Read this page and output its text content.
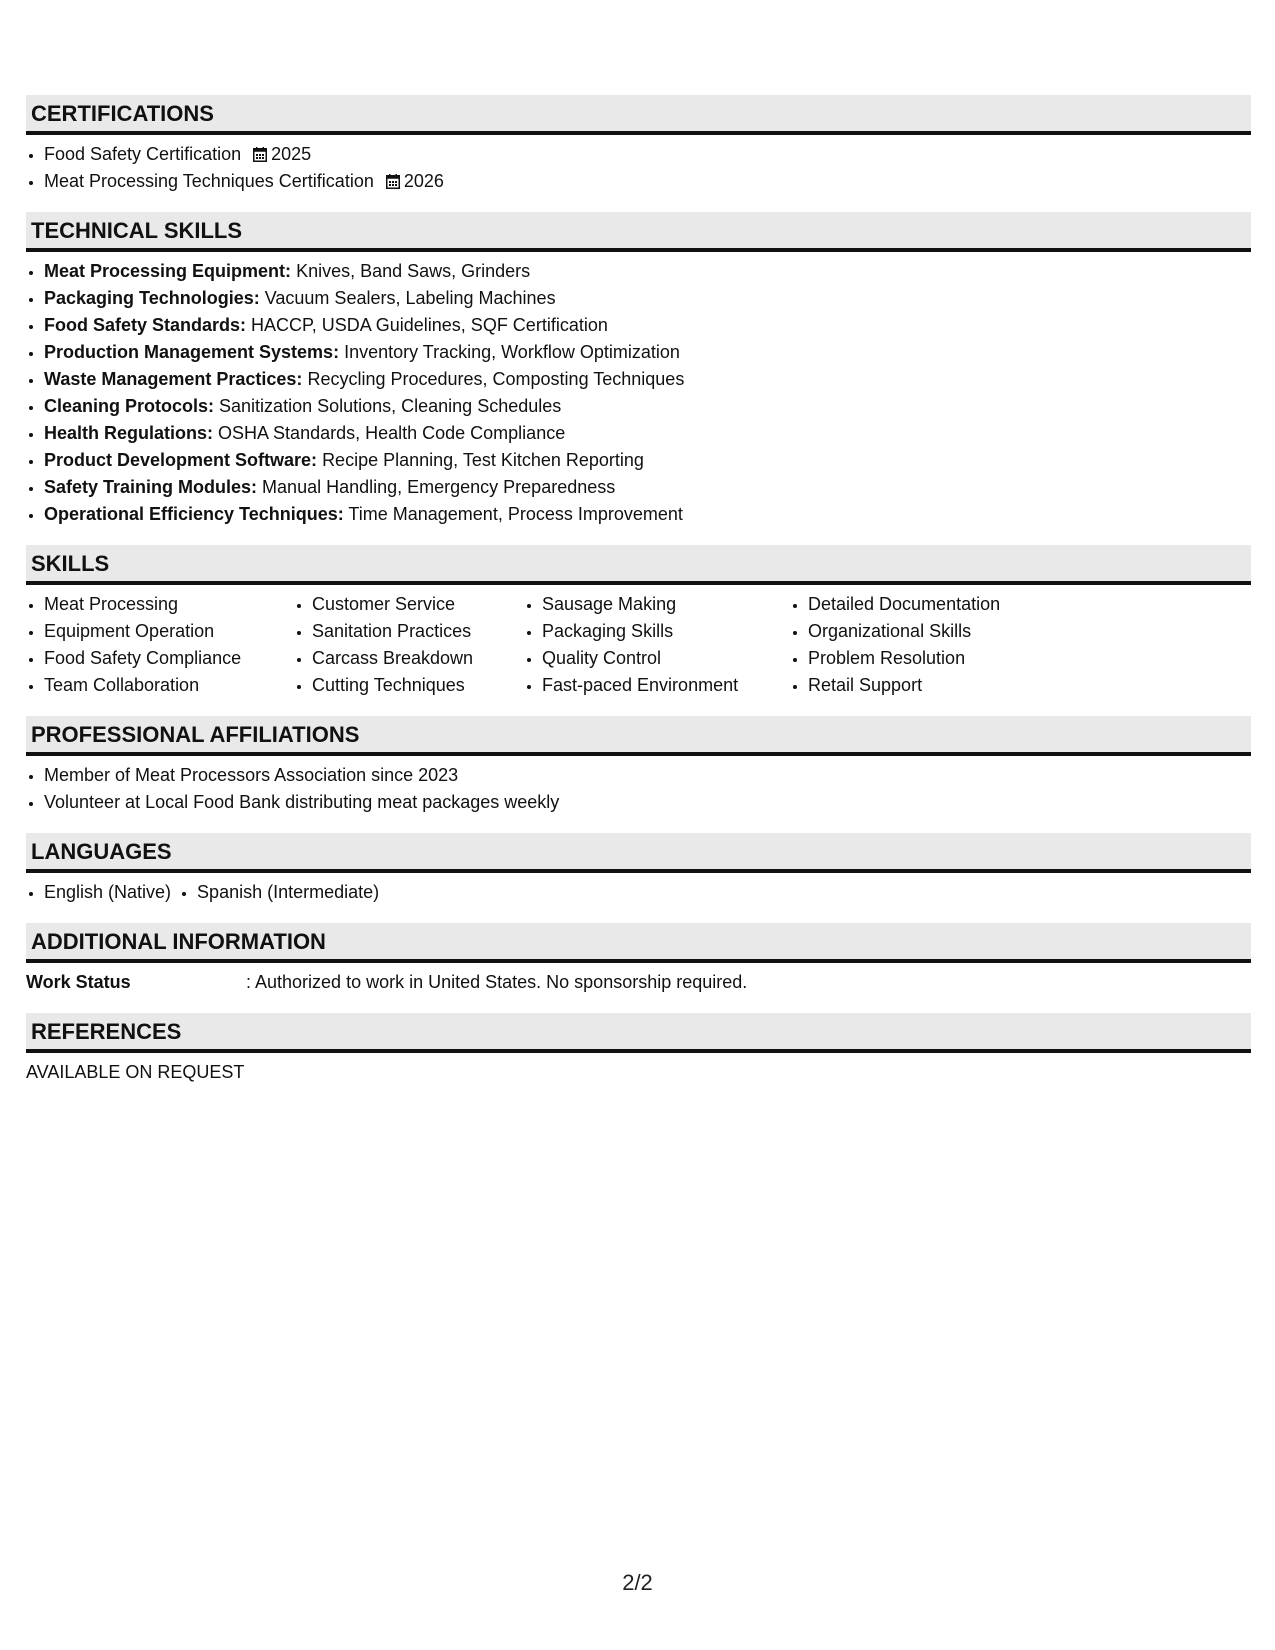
CERTIFICATIONS
• Food Safety Certification 2025
• Meat Processing Techniques Certification 2026
TECHNICAL SKILLS
• Meat Processing Equipment: Knives, Band Saws, Grinders
• Packaging Technologies: Vacuum Sealers, Labeling Machines
• Food Safety Standards: HACCP, USDA Guidelines, SQF Certification
• Production Management Systems: Inventory Tracking, Workflow Optimization
• Waste Management Practices: Recycling Procedures, Composting Techniques
• Cleaning Protocols: Sanitization Solutions, Cleaning Schedules
• Health Regulations: OSHA Standards, Health Code Compliance
• Product Development Software: Recipe Planning, Test Kitchen Reporting
• Safety Training Modules: Manual Handling, Emergency Preparedness
• Operational Efficiency Techniques: Time Management, Process Improvement
SKILLS
• Meat Processing
• Equipment Operation
• Food Safety Compliance
• Team Collaboration
• Customer Service
• Sanitation Practices
• Carcass Breakdown
• Cutting Techniques
• Sausage Making
• Packaging Skills
• Quality Control
• Fast-paced Environment
• Detailed Documentation
• Organizational Skills
• Problem Resolution
• Retail Support
PROFESSIONAL AFFILIATIONS
• Member of Meat Processors Association since 2023
• Volunteer at Local Food Bank distributing meat packages weekly
LANGUAGES
• English (Native)
• Spanish (Intermediate)
ADDITIONAL INFORMATION
Work Status	: Authorized to work in United States. No sponsorship required.
REFERENCES
AVAILABLE ON REQUEST
2/2
